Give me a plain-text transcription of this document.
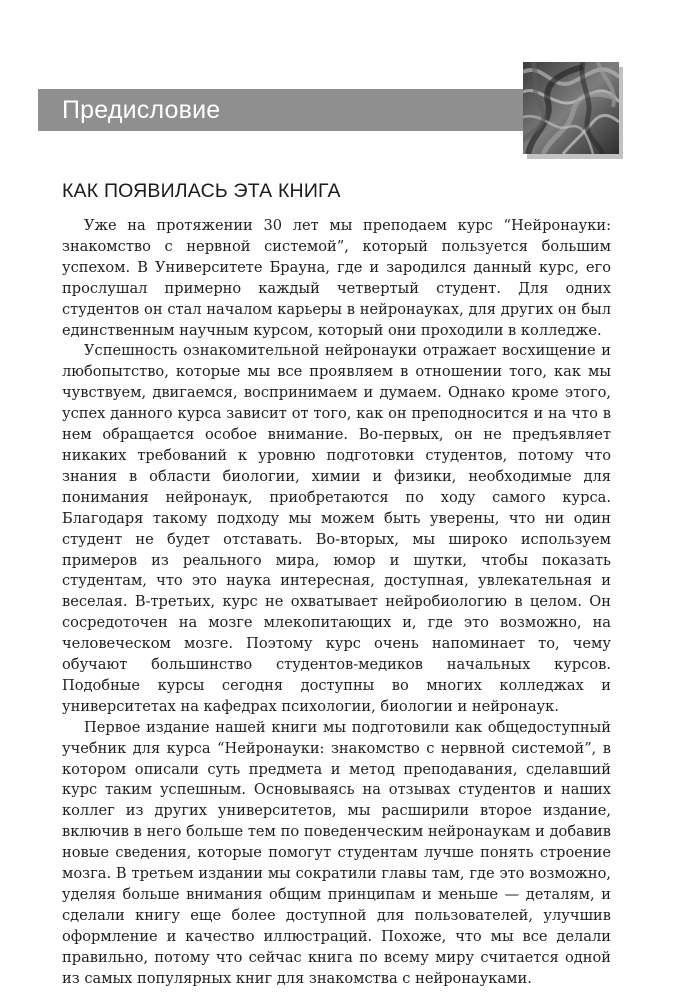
Предисловие
КАК ПОЯВИЛАСЬ ЭТА КНИГА

Уже на протяжении 30 лет мы преподаем курс “Нейронауки: знакомство с нервной системой”, который пользуется большим успехом. В Университете Брауна, где и зародился данный курс, его прослушал примерно каждый четвертый студент. Для одних студентов он стал началом карьеры в нейронауках, для других он был единственным научным курсом, который они проходили в колледже.

Успешность ознакомительной нейронауки отражает восхищение и любопытство, которые мы все проявляем в отношении того, как мы чувствуем, двигаемся, воспринимаем и думаем. Однако кроме этого, успех данного курса зависит от того, как он преподносится и на что в нем обращается особое внимание. Во-первых, он не предъявляет никаких требований к уровню подготовки студентов, потому что знания в области биологии, химии и физики, необходимые для понимания нейронаук, приобретаются по ходу самого курса. Благодаря такому подходу мы можем быть уверены, что ни один студент не будет отставать. Во-вторых, мы широко используем примеров из реального мира, юмор и шутки, чтобы показать студентам, что это наука интересная, доступная, увлекательная и веселая. В-третьих, курс не охватывает нейробиологию в целом. Он сосредоточен на мозге млекопитающих и, где это возможно, на человеческом мозге. Поэтому курс очень напоминает то, чему обучают большинство студентов-медиков начальных курсов. Подобные курсы сегодня доступны во многих колледжах и университетах на кафедрах психологии, биологии и нейронаук.

Первое издание нашей книги мы подготовили как общедоступный учебник для курса “Нейронауки: знакомство с нервной системой”, в котором описали суть предмета и метод преподавания, сделавший курс таким успешным. Основываясь на отзывах студентов и наших коллег из других университетов, мы расширили второе издание, включив в него больше тем по поведенческим нейронаукам и добавив новые сведения, которые помогут студентам лучше понять строение мозга. В третьем издании мы сократили главы там, где это возможно, уделяя больше внимания общим принципам и меньше — деталям, и сделали книгу еще более доступной для пользователей, улучшив оформление и качество иллюстраций. Похоже, что мы все делали правильно, потому что сейчас книга по всему миру считается одной из самых популярных книг для знакомства с нейронауками.
